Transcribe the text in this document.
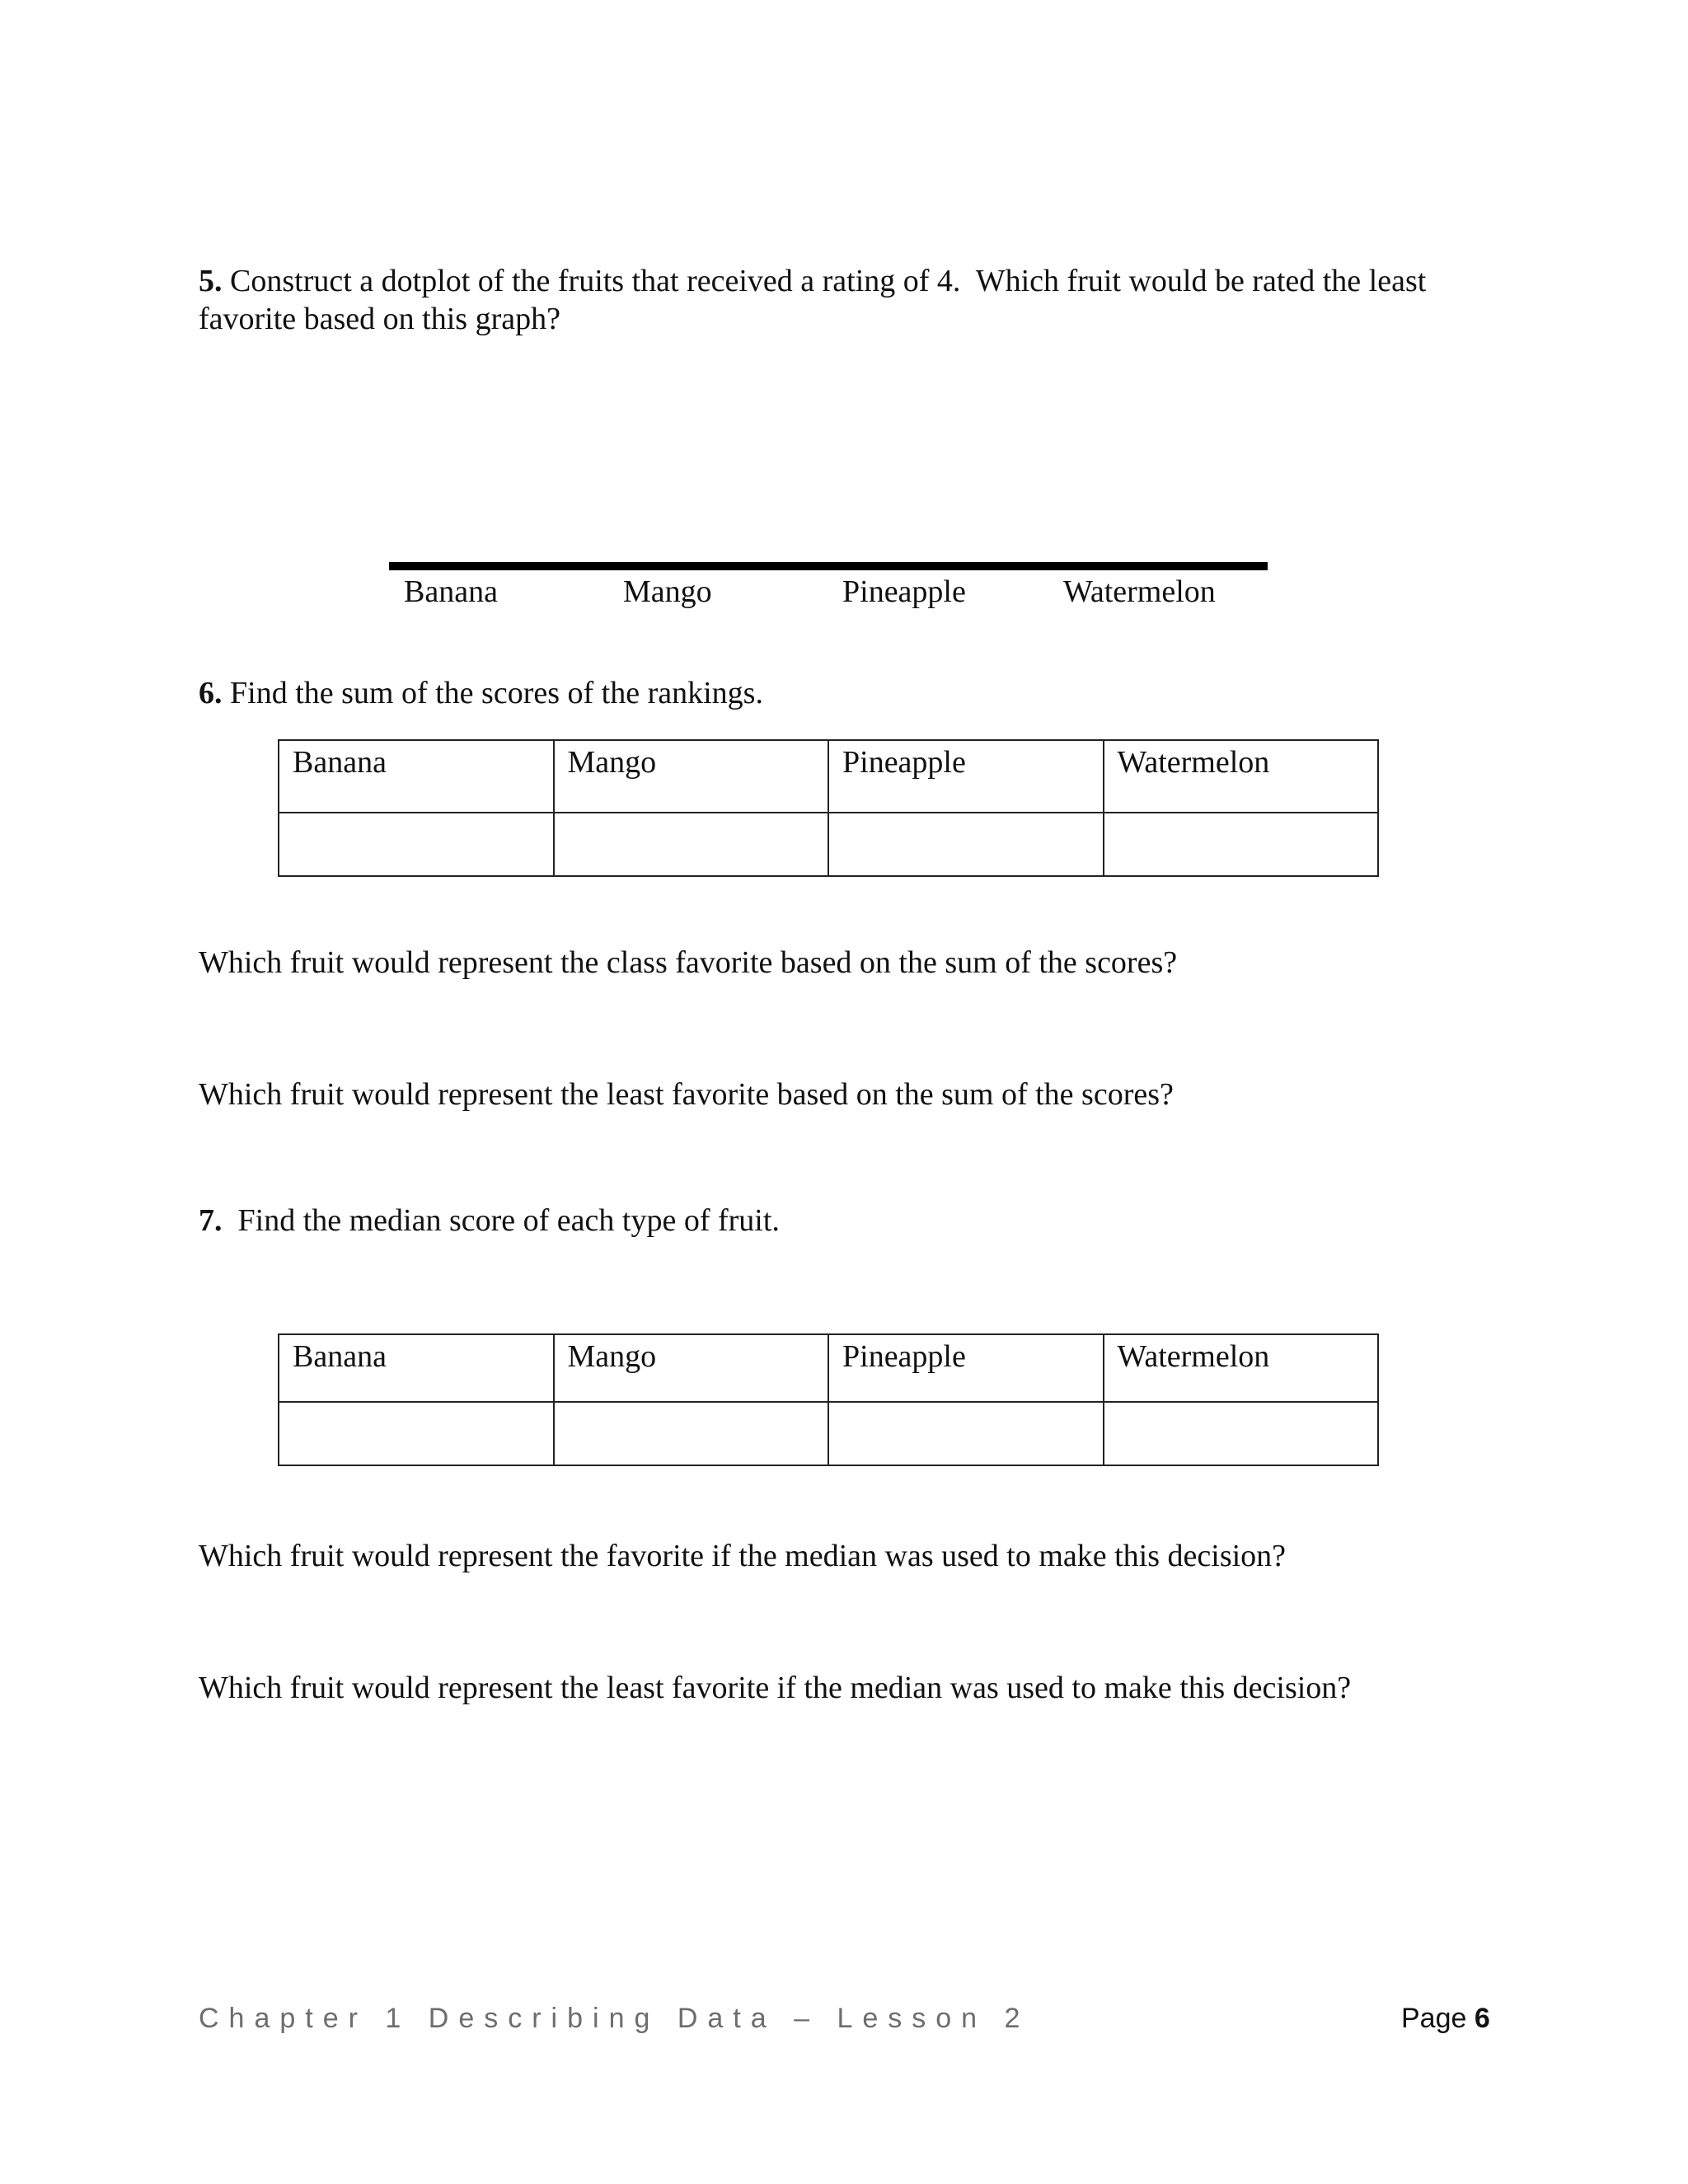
5. Construct a dotplot of the fruits that received a rating of 4.  Which fruit would be rated the least favorite based on this graph?

Banana	Mango	Pineapple	Watermelon

6. Find the sum of the scores of the rankings.

Banana	Mango	Pineapple	Watermelon

Which fruit would represent the class favorite based on the sum of the scores?

Which fruit would represent the least favorite based on the sum of the scores?

7.  Find the median score of each type of fruit.

Banana	Mango	Pineapple	Watermelon

Which fruit would represent the favorite if the median was used to make this decision?

Which fruit would represent the least favorite if the median was used to make this decision?

Chapter 1 Describing Data – Lesson 2	Page 6
